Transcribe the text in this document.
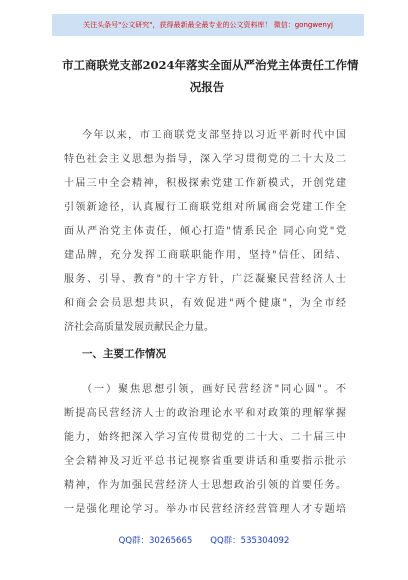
关注头条号"公文研究"，获得最新最全最专业的公文资料库！ 微信：gongwenyj
市工商联党支部2024年落实全面从严治党主体责任工作情
况报告
今年以来，市工商联党支部坚持以习近平新时代中国
特色社会主义思想为指导，深入学习贯彻党的二十大及二
十届三中全会精神，积极探索党建工作新模式，开创党建
引领新途径，认真履行工商联党组对所属商会党建工作全
面从严治党主体责任，倾心打造"情系民企 同心向党"党
建品牌，充分发挥工商联职能作用，坚持"信任、团结、
服务、引导、教育"的十字方针，广泛凝聚民营经济人士
和商会会员思想共识，有效促进"两个健康"，为全市经
济社会高质量发展贡献民企力量。
一、主要工作情况
（一）聚焦思想引领，画好民营经济"同心圆"。不
断提高民营经济人士的政治理论水平和对政策的理解掌握
能力，始终把深入学习宣传贯彻党的二十大、二十届三中
全会精神及习近平总书记视察省重要讲话和重要指示批示
精神，作为加强民营经济人士思想政治引领的首要任务。
一是强化理论学习。举办市民营经济经营管理人才专题培
QQ群：30265665 QQ群：535304092
